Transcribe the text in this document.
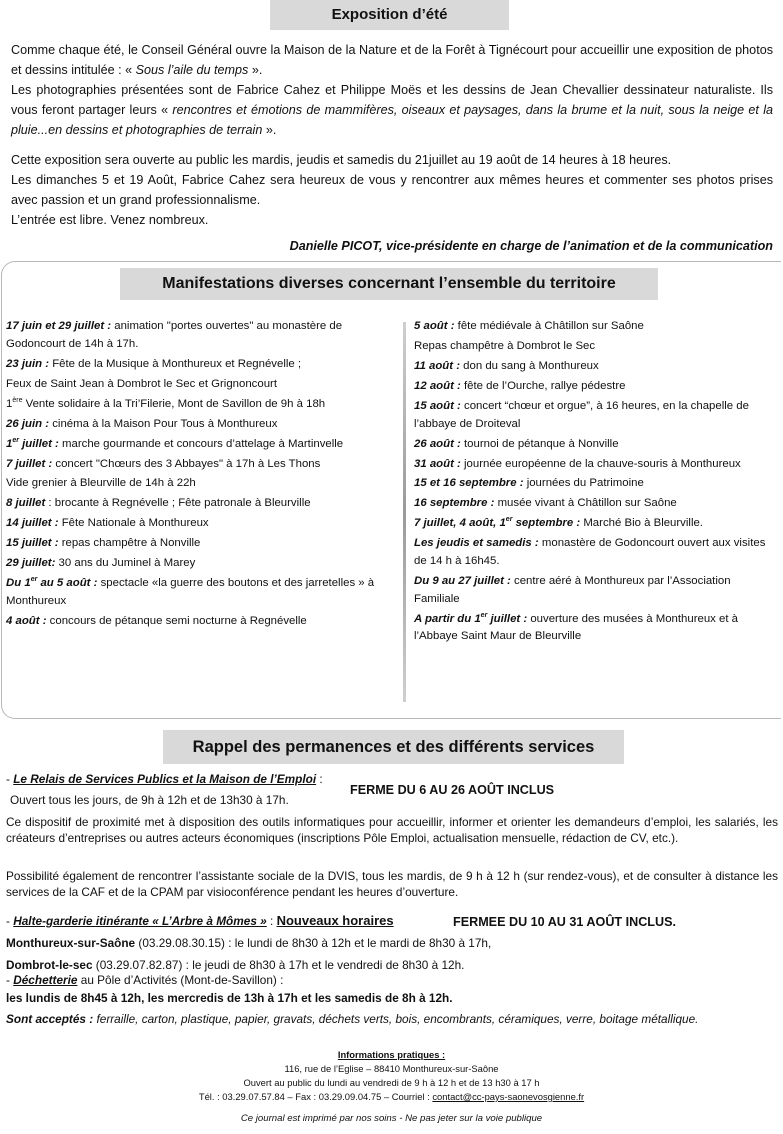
Exposition d’été
Comme chaque été, le Conseil Général ouvre la Maison de la Nature et de la Forêt à Tignécourt pour accueillir une exposition de photos et dessins intitulée : « Sous l’aile du temps ».
Les photographies présentées sont de Fabrice Cahez et Philippe Moës et les dessins de Jean Chevallier dessinateur naturaliste. Ils vous feront partager leurs « rencontres et émotions de mammifères, oiseaux et paysages, dans la brume et la nuit, sous la neige et la pluie...en dessins et photographies de terrain ».
Cette exposition sera ouverte au public les mardis, jeudis et samedis du 21juillet au 19 août de 14 heures à 18 heures.
Les dimanches 5 et 19 Août, Fabrice Cahez sera heureux de vous y rencontrer aux mêmes heures et commenter ses photos prises avec passion et un grand professionnalisme.
L’entrée est libre. Venez nombreux.
Danielle PICOT, vice-présidente en charge de l’animation et de la communication
Manifestations diverses concernant l’ensemble du territoire
17 juin et 29 juillet : animation "portes ouvertes" au monastère de Godoncourt de 14h à 17h.
23 juin : Fête de la Musique à Monthureux et Regnévelle ;
Feux de Saint Jean à Dombrot le Sec et Grignoncourt
1ère Vente solidaire à la Tri’Filerie, Mont de Savillon de 9h à 18h
26 juin : cinéma à la Maison Pour Tous à Monthureux
1er juillet : marche gourmande et concours d’attelage à Martinvelle
7 juillet : concert "Chœurs des 3 Abbayes" à 17h à Les Thons
Vide grenier à Bleurville de 14h à 22h
8 juillet : brocante à Regnévelle ; Fête patronale à Bleurville
14 juillet : Fête Nationale à Monthureux
15 juillet : repas champêtre à Nonville
29 juillet: 30 ans du Juminel à Marey
Du 1er au 5 août : spectacle «la guerre des boutons et des jarretelles » à Monthureux
4 août : concours de pétanque semi nocturne à Regnévelle
5 août : fête médiévale à Châtillon sur Saône
Repas champêtre à Dombrot le Sec
11 août : don du sang à Monthureux
12 août : fête de l’Ourche, rallye pédestre
15 août : concert “chœur et orgue”, à 16 heures, en la chapelle de l’abbaye de Droiteval
26 août : tournoi de pétanque à Nonville
31 août : journée européenne de la chauve-souris à Monthureux
15 et 16 septembre : journées du Patrimoine
16 septembre : musée vivant à Châtillon sur Saône
7 juillet, 4 août, 1er septembre : Marché Bio à Bleurville.
Les jeudis et samedis : monastère de Godoncourt ouvert aux visites de 14 h à 16h45.
Du 9 au 27 juillet : centre aéré à Monthureux par l’Association Familiale
A partir du 1er juillet : ouverture des musées à Monthureux et à l’Abbaye Saint Maur de Bleurville
Rappel des permanences et des différents services
- Le Relais de Services Publics et la Maison de l’Emploi :
FERME DU 6 AU 26 AOÛT INCLUS
Ouvert tous les jours, de 9h à 12h et de 13h30 à 17h.
Ce dispositif de proximité met à disposition des outils informatiques pour accueillir, informer et orienter les demandeurs d’emploi, les salariés, les créateurs d’entreprises ou autres acteurs économiques (inscriptions Pôle Emploi, actualisation mensuelle, rédaction de CV, etc.).
Possibilité également de rencontrer l’assistante sociale de la DVIS, tous les mardis, de 9 h à 12 h (sur rendez-vous), et de consulter à distance les services de la CAF et de la CPAM par visioconférence pendant les heures d’ouverture.
- Halte-garderie itinérante « L’Arbre à Mômes » : Nouveaux horaires	FERMEE DU 10 AU 31 AOÛT INCLUS.
Monthureux-sur-Saône (03.29.08.30.15) : le lundi de 8h30 à 12h et le mardi de 8h30 à 17h,
Dombrot-le-sec (03.29.07.82.87) : le jeudi de 8h30 à 17h et le vendredi de 8h30 à 12h.
- Déchetterie au Pôle d’Activités (Mont-de-Savillon) :
les lundis de 8h45 à 12h, les mercredis de 13h à 17h et les samedis de 8h à 12h.
Sont acceptés : ferraille, carton, plastique, papier, gravats, déchets verts, bois, encombrants, céramiques, verre, boitage métallique.
Informations pratiques :
116, rue de l’Eglise – 88410 Monthureux-sur-Saône
Ouvert au public du lundi au vendredi de 9 h à 12 h et de 13 h30 à 17 h
Tél. : 03.29.07.57.84 – Fax : 03.29.09.04.75 – Courriel : contact@cc-pays-saonevosgienne.fr
Ce journal est imprimé par nos soins - Ne pas jeter sur la voie publique
